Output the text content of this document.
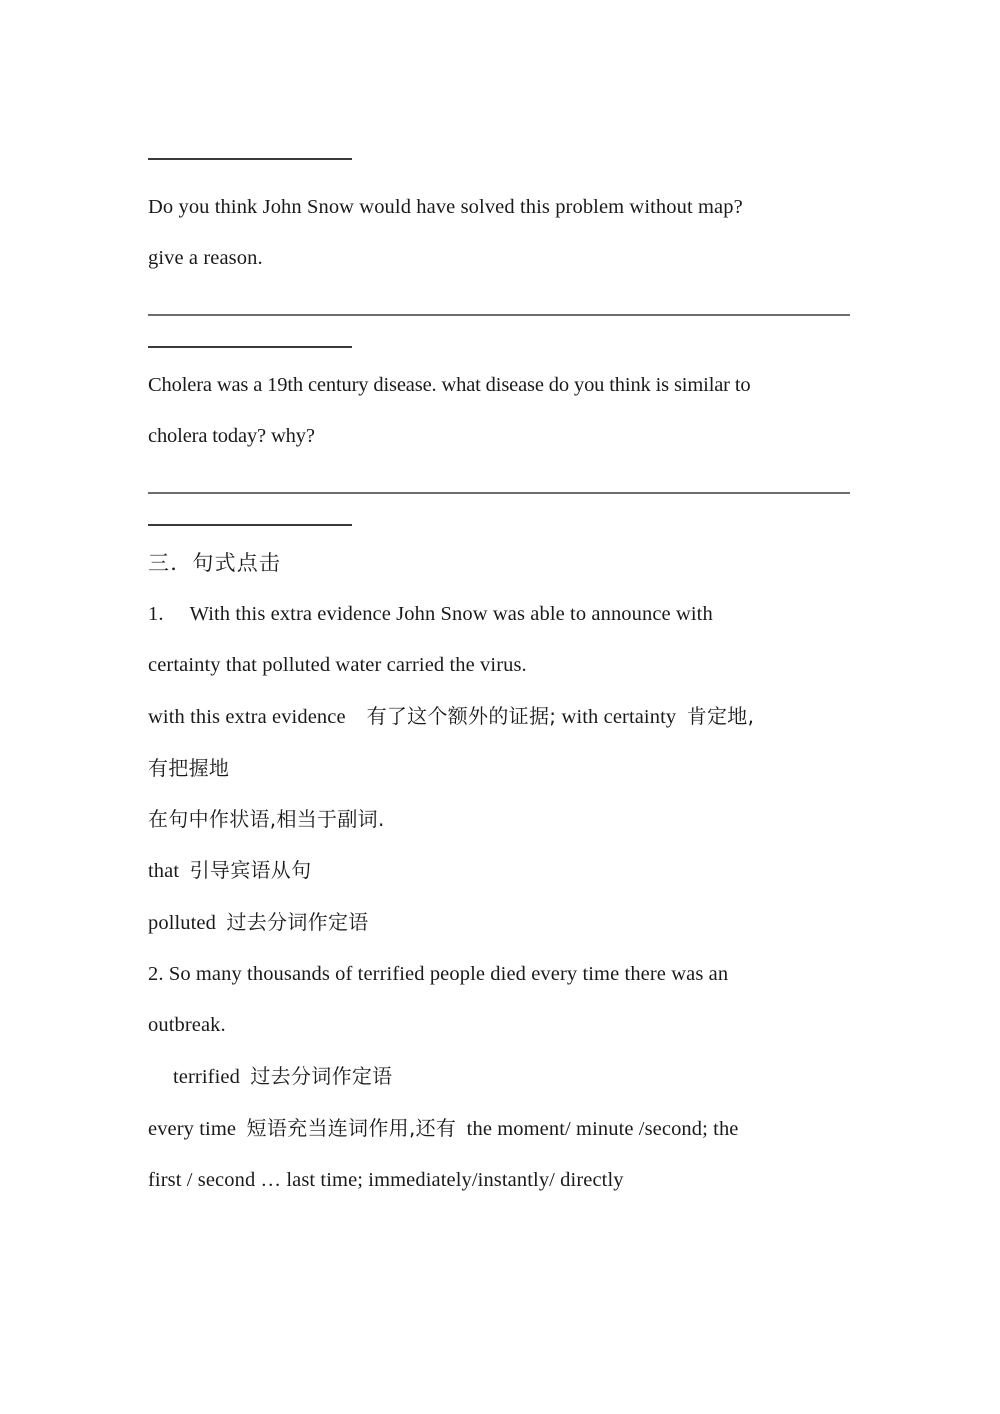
Do you think John Snow would have solved this problem without map?

give a reason.

Cholera was a 19th century disease. what disease do you think is similar to

cholera today? why?

三．句式点击

1. With this extra evidence John Snow was able to announce with

certainty that polluted water carried the virus.

with this extra evidence 有了这个额外的证据; with certainty 肯定地,

有把握地

在句中作状语,相当于副词.

that 引导宾语从句

polluted 过去分词作定语

2. So many thousands of terrified people died every time there was an

outbreak.

terrified 过去分词作定语

every time 短语充当连词作用,还有 the moment/ minute /second; the

first / second … last time; immediately/instantly/ directly
